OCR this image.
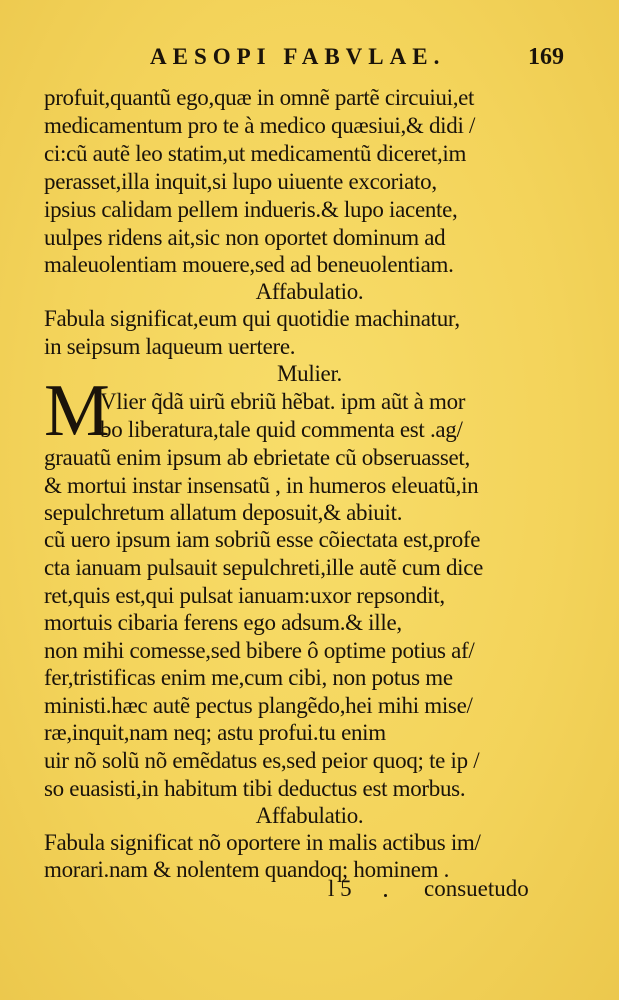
AESOPI FABVLAE.	169
profuit,quantũ ego,quæ in omnẽ partẽ circuiui,et
medicamentum pro te à medico quæsiui,& didi /
ci:cũ autẽ leo statim,ut medicamentũ diceret,im
perasset,illa inquit,si lupo uiuente excoriato,
ipsius calidam pellem indueris.& lupo iacente,
uulpes ridens ait,sic non oportet dominum ad
maleuolentiam mouere,sed ad beneuolentiam.
Affabulatio.
Fabula significat,eum qui quotidie machinatur,
in seipsum laqueum uertere.
Mulier.
M
Vlier q̃dã uirũ ebriũ hẽbat. ipm aũt à mor
bo liberatura,tale quid commenta est .ag/
grauatũ enim ipsum ab ebrietate cũ obseruasset,
& mortui instar insensatũ , in humeros eleuatũ,in
sepulchretum allatum deposuit,& abiuit.
cũ uero ipsum iam sobriũ esse cõiectata est,profe
cta ianuam pulsauit sepulchreti,ille autẽ cum dice
ret,quis est,qui pulsat ianuam:uxor repsondit,
mortuis cibaria ferens ego adsum.& ille,
non mihi comesse,sed bibere ô optime potius af/
fer,tristificas enim me,cum cibi, non potus me
ministi.hæc autẽ pectus plangẽdo,hei mihi mise/
ræ,inquit,nam neq; astu profui.tu enim
uir nõ solũ nõ emẽdatus es,sed peior quoq; te ip /
so euasisti,in habitum tibi deductus est morbus.
Affabulatio.
Fabula significat nõ oportere in malis actibus im/
morari.nam & nolentem quandoq; hominem .
l 5	consuetudo
